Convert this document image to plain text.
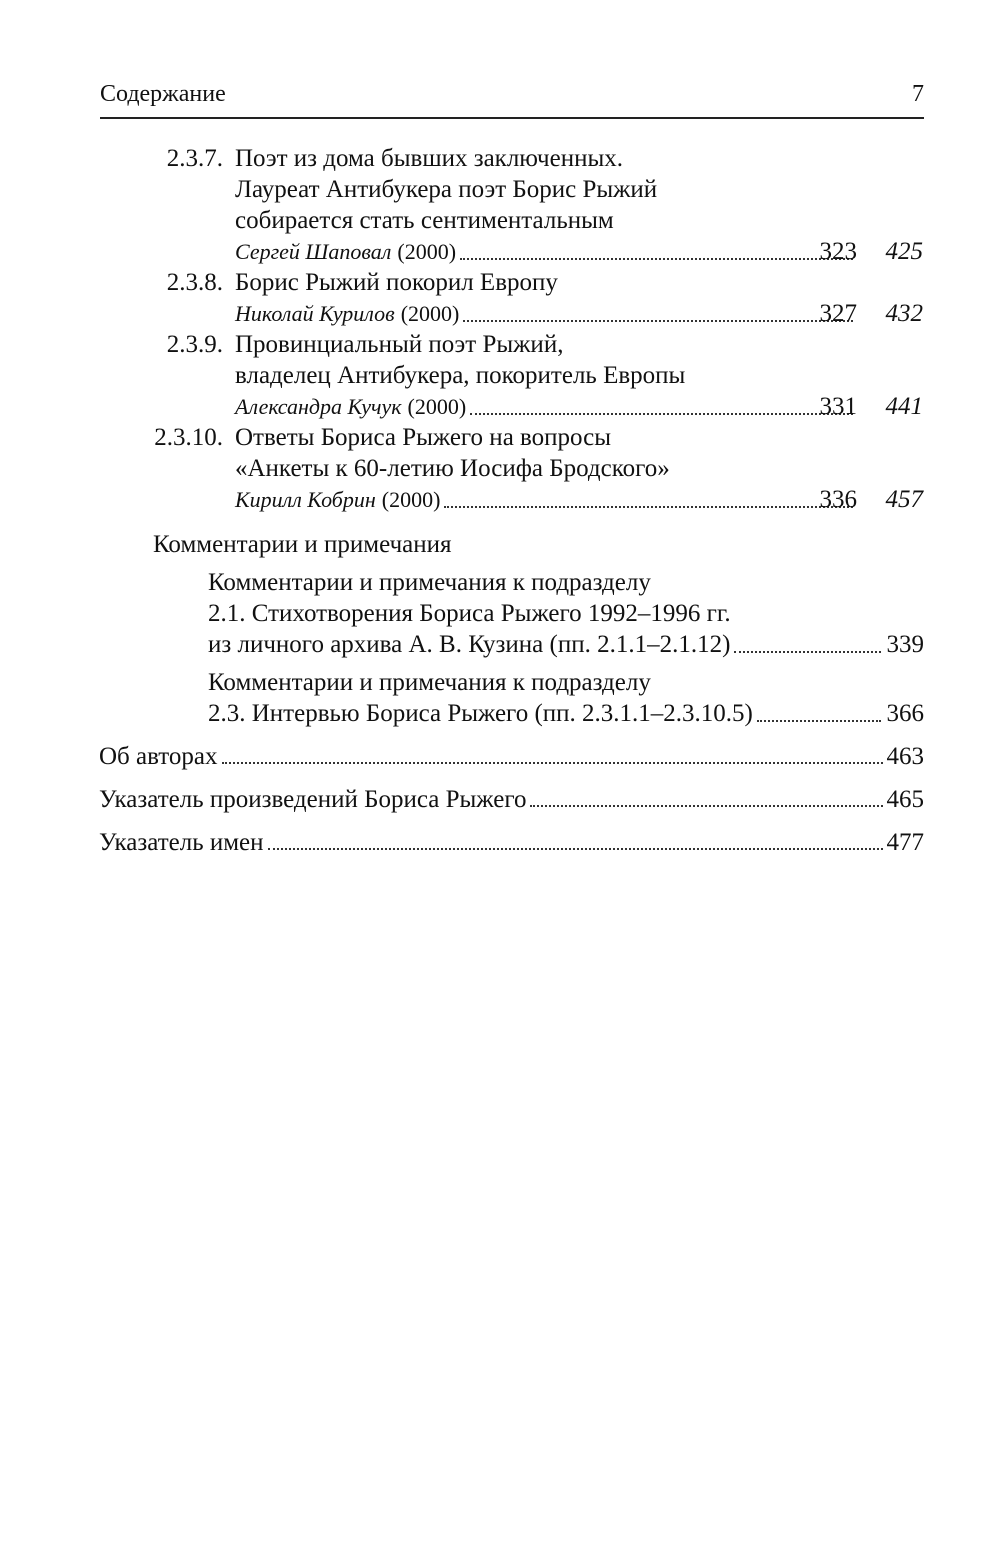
Содержание	7
2.3.7. Поэт из дома бывших заключенных.
Лауреат Антибукера поэт Борис Рыжий
собирается стать сентиментальным
Сергей Шаповал (2000)	323 425
2.3.8. Борис Рыжий покорил Европу
Николай Курилов (2000)	327 432
2.3.9. Провинциальный поэт Рыжий,
владелец Антибукера, покоритель Европы
Александра Кучук (2000)	331 441
2.3.10. Ответы Бориса Рыжего на вопросы
«Анкеты к 60-летию Иосифа Бродского»
Кирилл Кобрин (2000)	336 457
Комментарии и примечания
Комментарии и примечания к подразделу
2.1. Стихотворения Бориса Рыжего 1992–1996 гг.
из личного архива А. В. Кузина (пп. 2.1.1–2.1.12)	339
Комментарии и примечания к подразделу
2.3. Интервью Бориса Рыжего (пп. 2.3.1.1–2.3.10.5)	366
Об авторах	463
Указатель произведений Бориса Рыжего	465
Указатель имен	477
